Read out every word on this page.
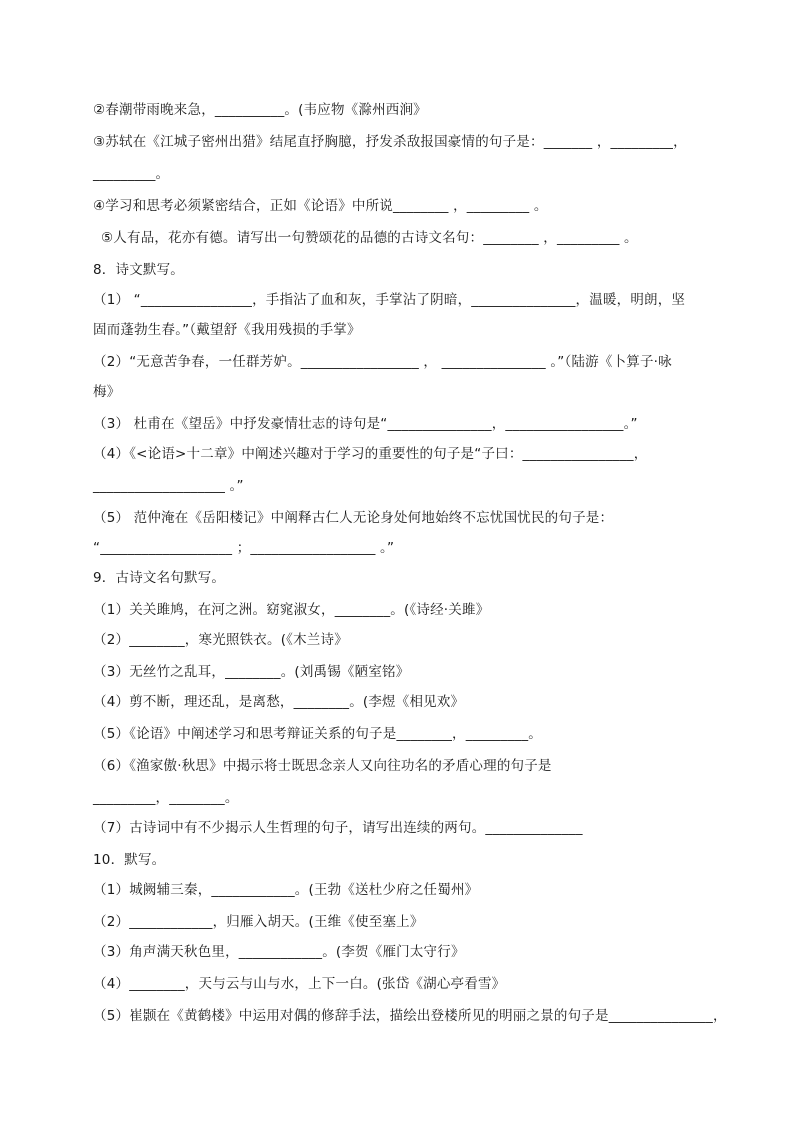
②春潮带雨晚来急，__________。(韦应物《滁州西涧》
③苏轼在《江城子密州出猎》结尾直抒胸臆，抒发杀敌报国豪情的句子是：_______ ，_________，
_________。
④学习和思考必须紧密结合，正如《论语》中所说________ ，_________ 。
⑤人有品，花亦有德。请写出一句赞颂花的品德的古诗文名句：________ ，_________ 。
8．诗文默写。
（1） “________________，手指沾了血和灰，手掌沾了阴暗，_______________，温暖，明朗，坚
固而蓬勃生春。”（戴望舒《我用残损的手掌》
（2）“无意苦争春，一任群芳妒。_________________ ， _______________ 。”（陆游《卜算子·咏
梅》
（3） 杜甫在《望岳》中抒发豪情壮志的诗句是“_______________，_________________。”
（4）《<论语>十二章》中阐述兴趣对于学习的重要性的句子是“子曰：________________，
___________________ 。”
（5） 范仲淹在《岳阳楼记》中阐释古仁人无论身处何地始终不忘忧国忧民的句子是：
“___________________ ；__________________ 。”
9．古诗文名句默写。
（1）关关雎鸠，在河之洲。窈窕淑女，________。(《诗经·关雎》
（2）________，寒光照铁衣。(《木兰诗》
（3）无丝竹之乱耳，________。(刘禹锡《陋室铭》
（4）剪不断，理还乱，是离愁，________。(李煜《相见欢》
（5）《论语》中阐述学习和思考辩证关系的句子是________，_________。
（6）《渔家傲·秋思》中揭示将士既思念亲人又向往功名的矛盾心理的句子是
_________，________。
（7）古诗词中有不少揭示人生哲理的句子，请写出连续的两句。______________
10．默写。
（1）城阙辅三秦，____________。(王勃《送杜少府之任蜀州》
（2）____________，归雁入胡天。(王维《使至塞上》
（3）角声满天秋色里，____________。(李贺《雁门太守行》
（4）________，天与云与山与水，上下一白。(张岱《湖心亭看雪》
（5）崔颢在《黄鹤楼》中运用对偶的修辞手法，描绘出登楼所见的明丽之景的句子是_______________，
